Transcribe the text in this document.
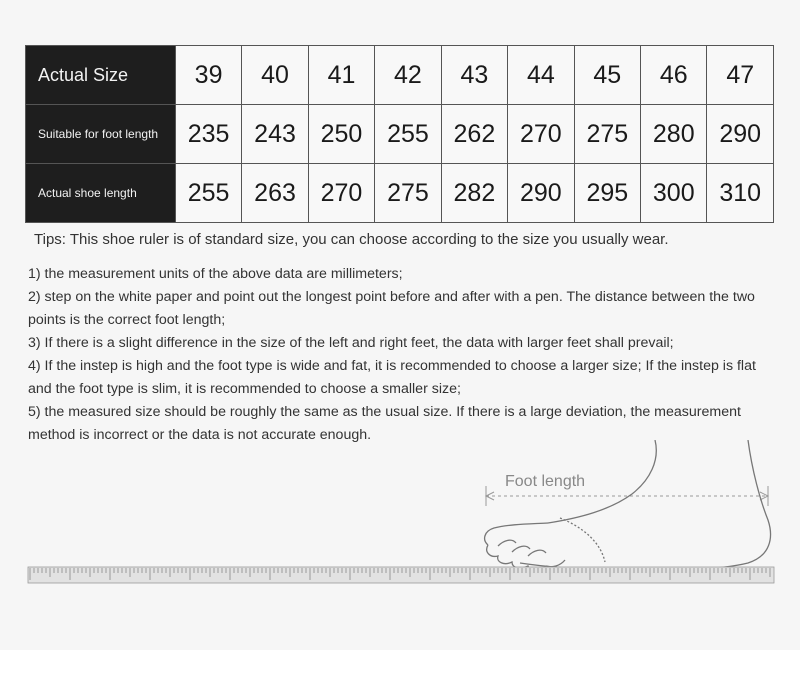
Actual Size	39	40	41	42	43	44	45	46	47
Suitable for foot length	235	243	250	255	262	270	275	280	290
Actual shoe length	255	263	270	275	282	290	295	300	310

Tips: This shoe ruler is of standard size, you can choose according to the size you usually wear.

1) the measurement units of the above data are millimeters;

2) step on the white paper and point out the longest point before and after with a pen. The distance between the two points is the correct foot length;

3) If there is a slight difference in the size of the left and right feet, the data with larger feet shall prevail;

4) If the instep is high and the foot type is wide and fat, it is recommended to choose a larger size; If the instep is flat and the foot type is slim, it is recommended to choose a smaller size;

5) the measured size should be roughly the same as the usual size. If there is a large deviation, the measurement method is incorrect or the data is not accurate enough.

Foot length
